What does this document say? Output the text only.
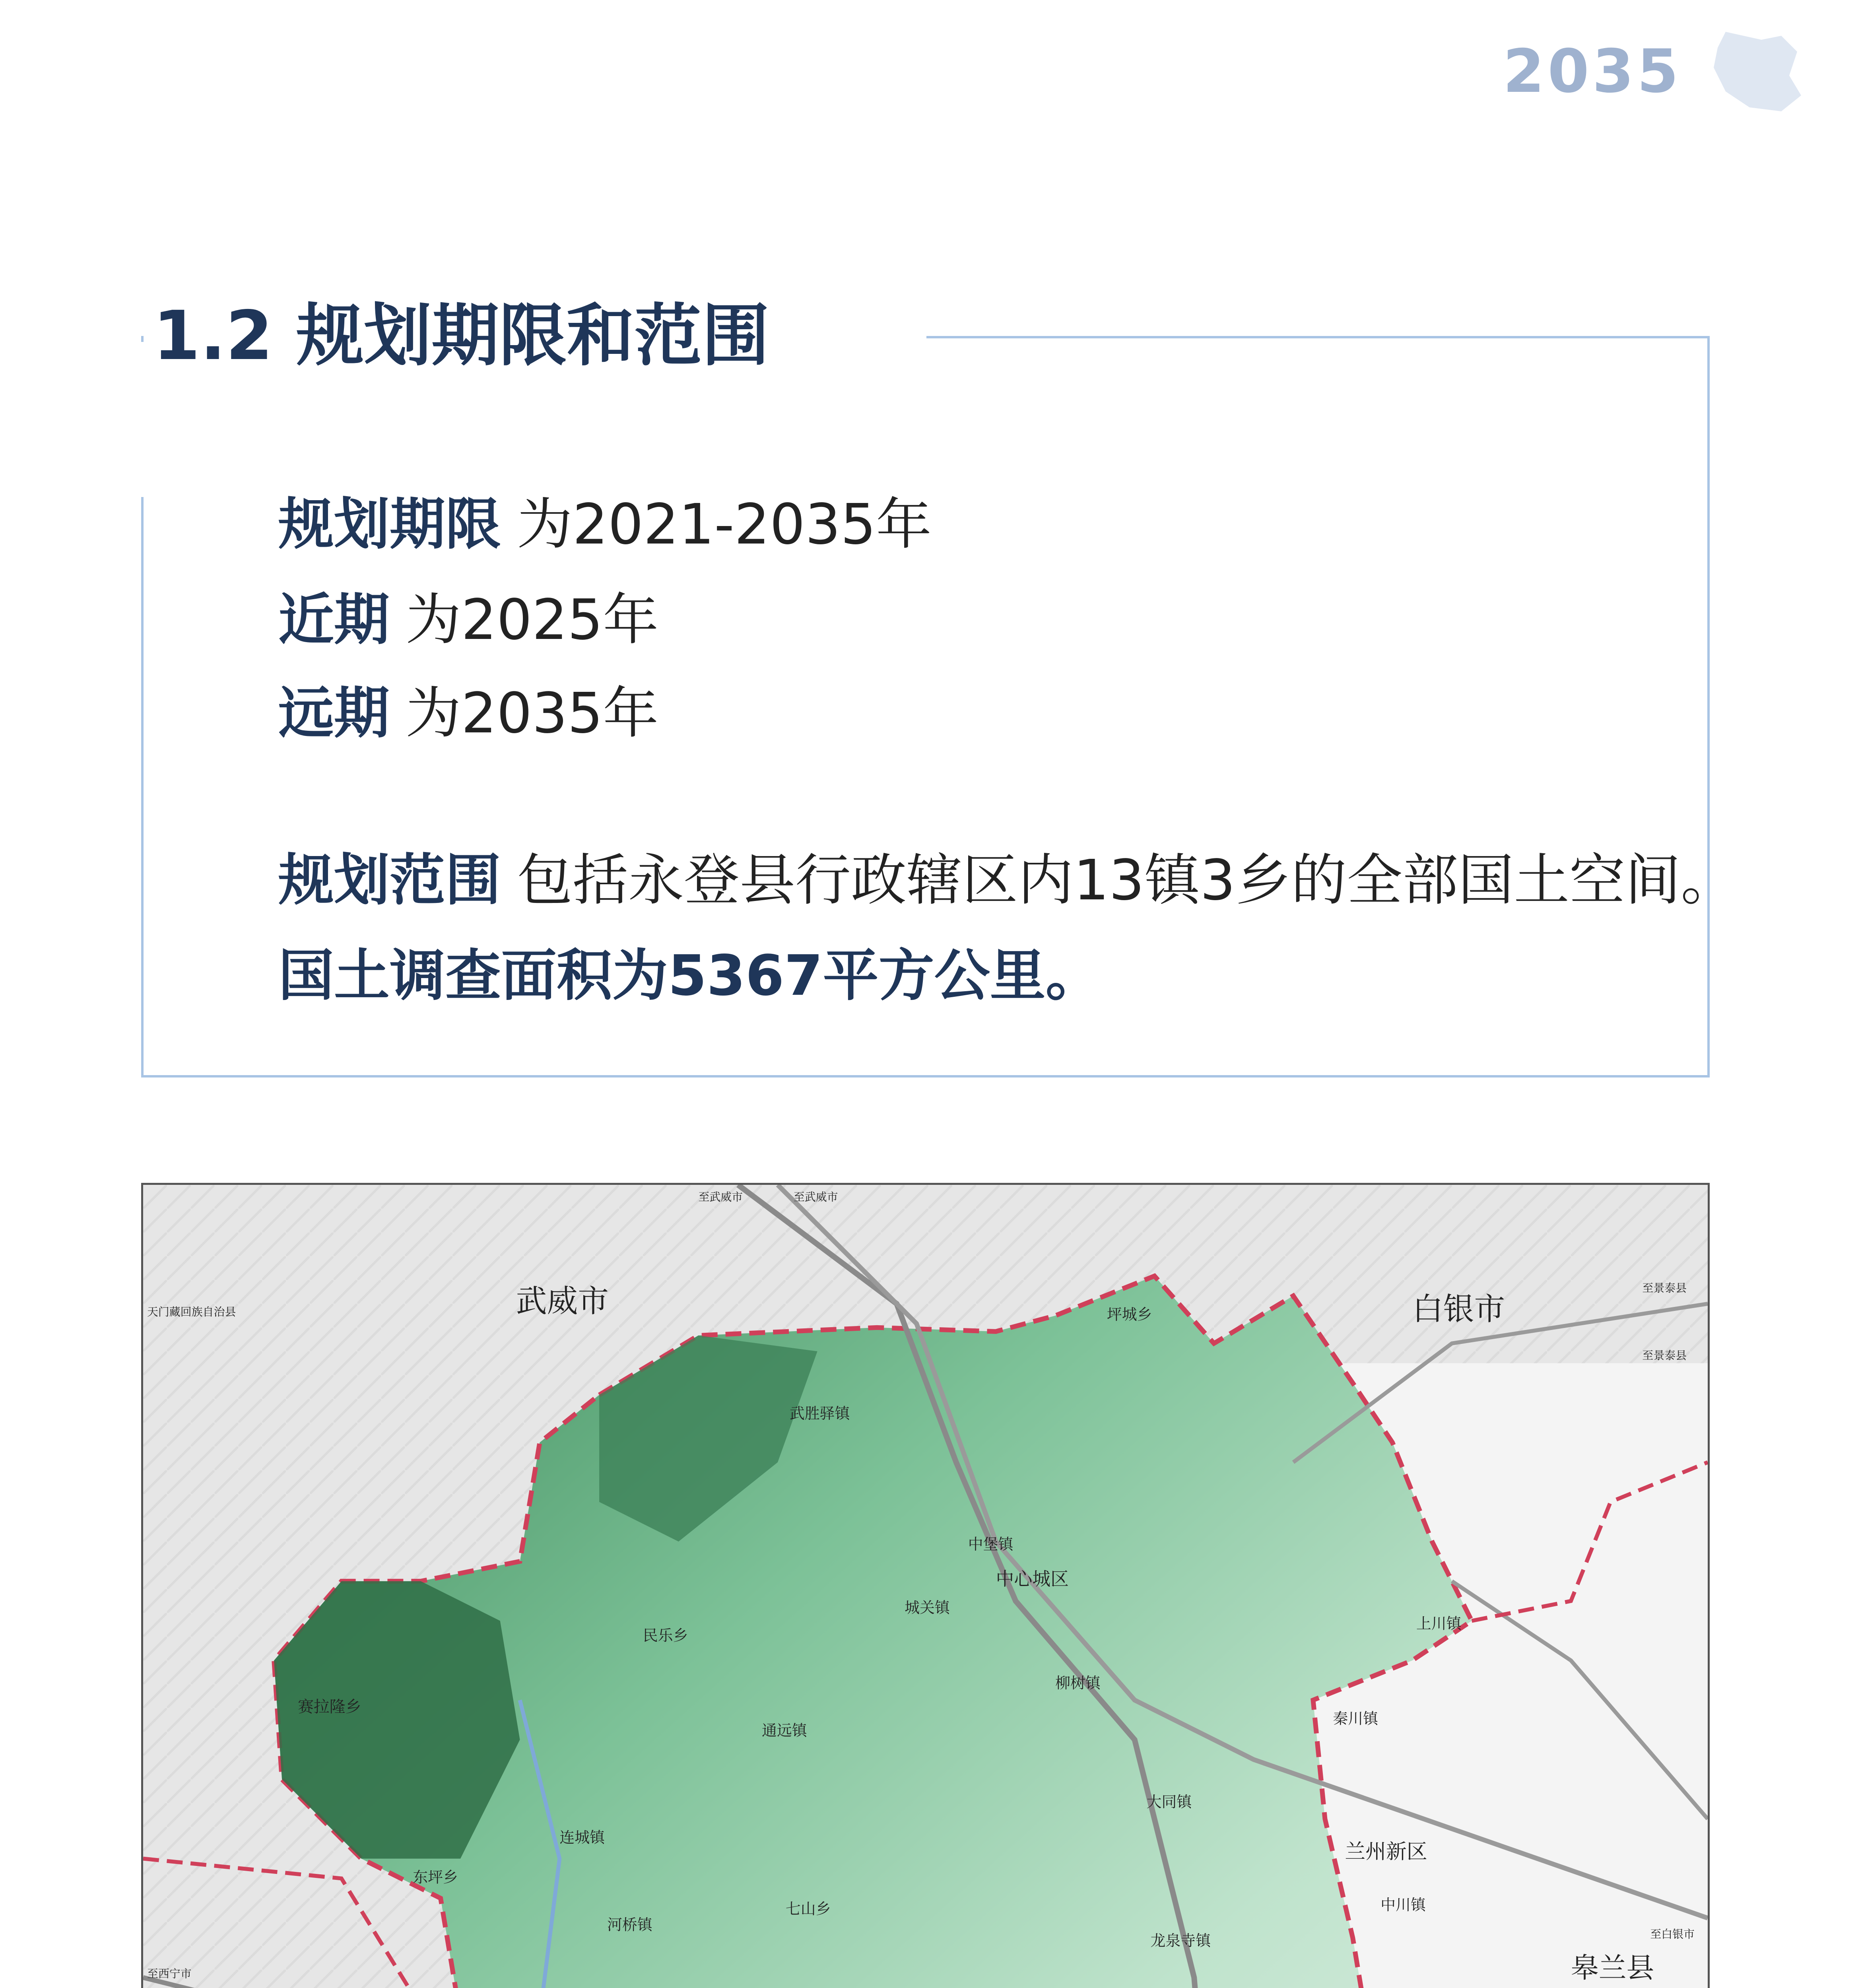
2035
1.2 规划期限和范围
规划期限 为2021-2035年
近期 为2025年
远期 为2035年
规划范围 包括永登县行政辖区内13镇3乡的全部国土空间。
国土调查面积为5367平方公里。
武威市	白银市
皋兰县
兰州新区
坪城乡
武胜驿镇
中堡镇
中心城区
城关镇
民乐乡
赛拉隆乡
通远镇
柳树镇
上川镇
秦川镇
大同镇
连城镇
东坪乡
河桥镇
七山乡	中川镇
龙泉寺镇
至武威市	至武威市
天门藏回族自治县
至景泰县
至景泰县
至西宁市
至白银市
